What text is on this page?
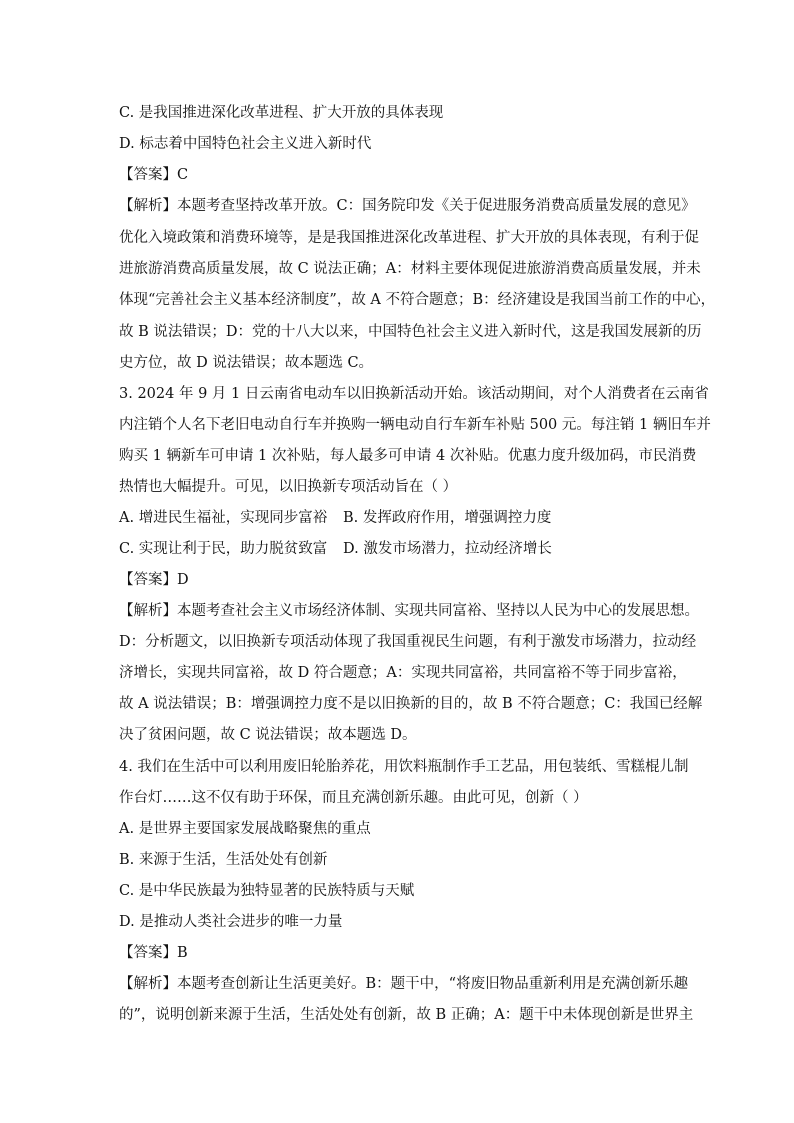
C. 是我国推进深化改革进程、扩大开放的具体表现
D. 标志着中国特色社会主义进入新时代
【答案】C
【解析】本题考查坚持改革开放。C：国务院印发《关于促进服务消费高质量发展的意见》
优化入境政策和消费环境等，是是我国推进深化改革进程、扩大开放的具体表现，有利于促
进旅游消费高质量发展，故 C 说法正确；A：材料主要体现促进旅游消费高质量发展，并未
体现“完善社会主义基本经济制度”，故 A 不符合题意；B：经济建设是我国当前工作的中心，
故 B 说法错误；D：党的十八大以来，中国特色社会主义进入新时代，这是我国发展新的历
史方位，故 D 说法错误；故本题选 C。
3. 2024 年 9 月 1 日云南省电动车以旧换新活动开始。该活动期间，对个人消费者在云南省
内注销个人名下老旧电动自行车并换购一辆电动自行车新车补贴 500 元。每注销 1 辆旧车并
购买 1 辆新车可申请 1 次补贴，每人最多可申请 4 次补贴。优惠力度升级加码，市民消费
热情也大幅提升。可见，以旧换新专项活动旨在（ ）
A. 增进民生福祉，实现同步富裕 B. 发挥政府作用，增强调控力度
C. 实现让利于民，助力脱贫致富 D. 激发市场潜力，拉动经济增长
【答案】D
【解析】本题考查社会主义市场经济体制、实现共同富裕、坚持以人民为中心的发展思想。
D：分析题文，以旧换新专项活动体现了我国重视民生问题，有利于激发市场潜力，拉动经
济增长，实现共同富裕，故 D 符合题意；A：实现共同富裕，共同富裕不等于同步富裕，
故 A 说法错误；B：增强调控力度不是以旧换新的目的，故 B 不符合题意；C：我国已经解
决了贫困问题，故 C 说法错误；故本题选 D。
4. 我们在生活中可以利用废旧轮胎养花，用饮料瓶制作手工艺品，用包装纸、雪糕棍儿制
作台灯……这不仅有助于环保，而且充满创新乐趣。由此可见，创新（ ）
A. 是世界主要国家发展战略聚焦的重点
B. 来源于生活，生活处处有创新
C. 是中华民族最为独特显著的民族特质与天赋
D. 是推动人类社会进步的唯一力量
【答案】B
【解析】本题考查创新让生活更美好。B：题干中，“将废旧物品重新利用是充满创新乐趣
的”，说明创新来源于生活，生活处处有创新，故 B 正确；A：题干中未体现创新是世界主
